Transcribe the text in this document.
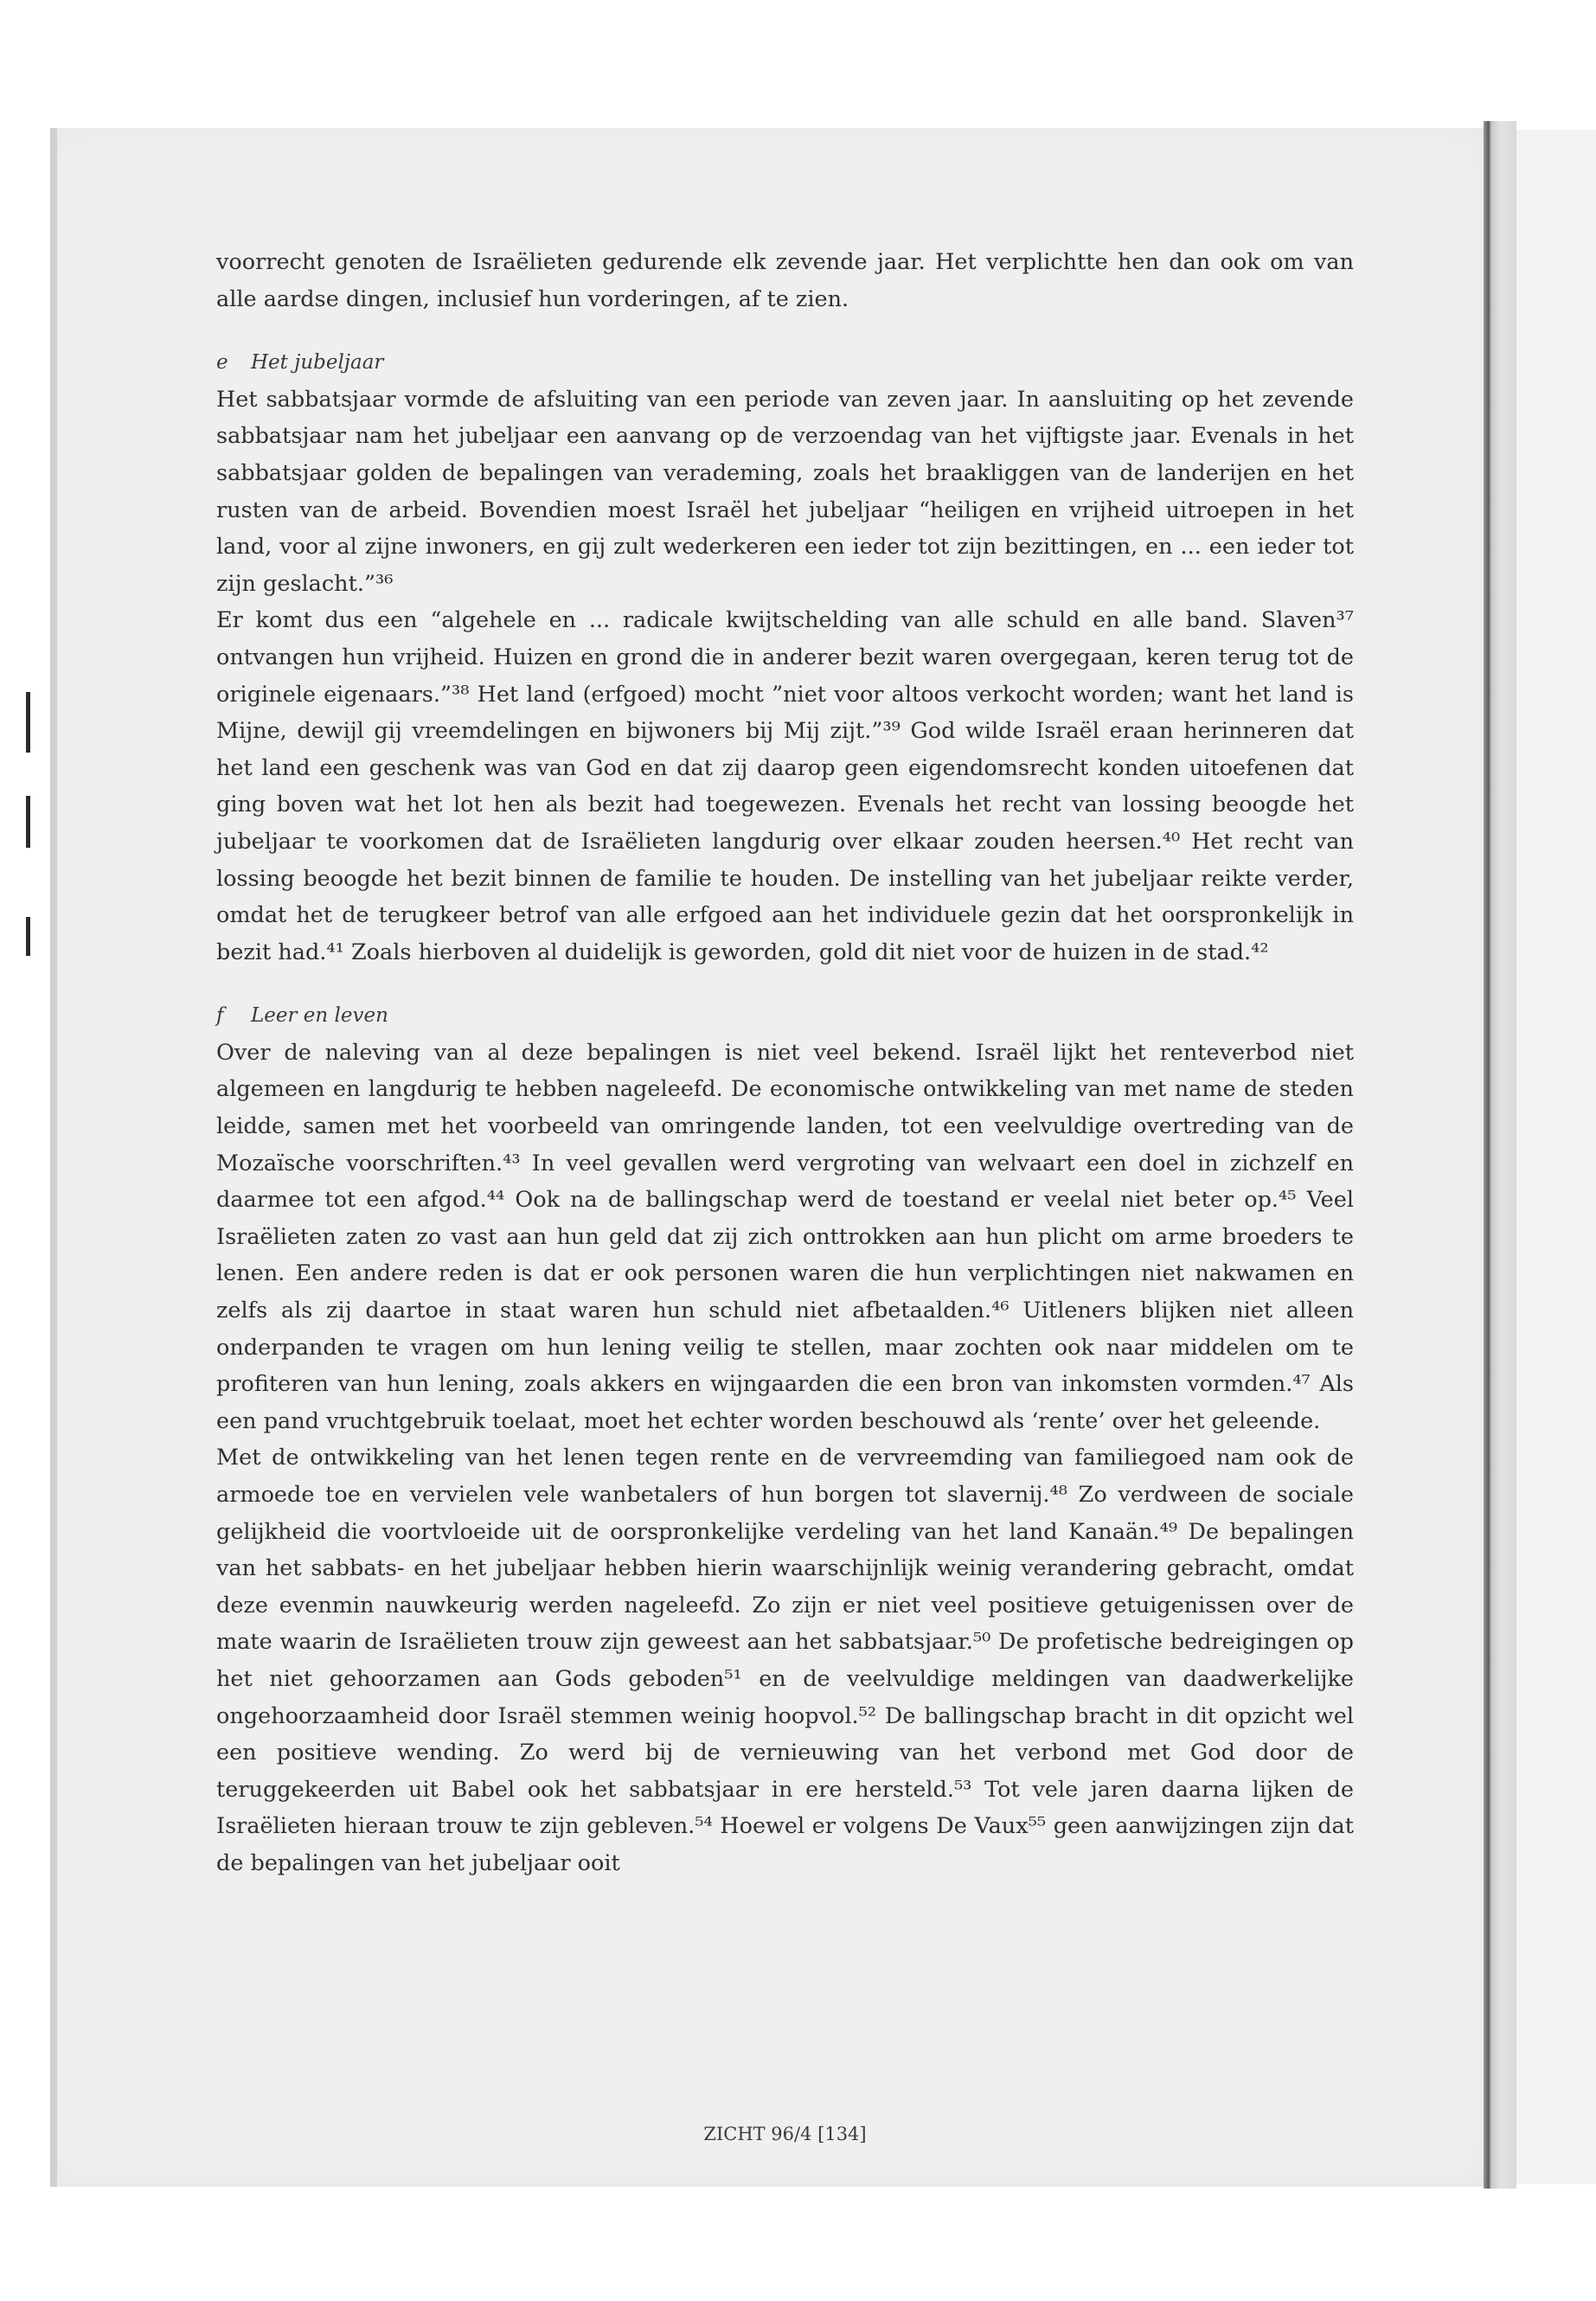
voorrecht genoten de Israëlieten gedurende elk zevende jaar. Het verplichtte hen dan ook om van alle aardse dingen, inclusief hun vorderingen, af te zien.

e Het jubeljaar

Het sabbatsjaar vormde de afsluiting van een periode van zeven jaar. In aansluiting op het zevende sabbatsjaar nam het jubeljaar een aanvang op de verzoendag van het vijftigste jaar. Evenals in het sabbatsjaar golden de bepalingen van verademing, zoals het braakliggen van de landerijen en het rusten van de arbeid. Bovendien moest Israël het jubeljaar “heiligen en vrijheid uitroepen in het land, voor al zijne inwoners, en gij zult wederkeren een ieder tot zijn bezittingen, en ... een ieder tot zijn geslacht.”³⁶

Er komt dus een “algehele en ... radicale kwijtschelding van alle schuld en alle band. Slaven³⁷ ontvangen hun vrijheid. Huizen en grond die in anderer bezit waren overgegaan, keren terug tot de originele eigenaars.”³⁸ Het land (erfgoed) mocht ”niet voor altoos verkocht worden; want het land is Mijne, dewijl gij vreemdelingen en bijwoners bij Mij zijt.”³⁹ God wilde Israël eraan herinneren dat het land een geschenk was van God en dat zij daarop geen eigendomsrecht konden uitoefenen dat ging boven wat het lot hen als bezit had toegewezen. Evenals het recht van lossing beoogde het jubeljaar te voorkomen dat de Israëlieten langdurig over elkaar zouden heersen.⁴⁰ Het recht van lossing beoogde het bezit binnen de familie te houden. De instelling van het jubeljaar reikte verder, omdat het de terugkeer betrof van alle erfgoed aan het individuele gezin dat het oorspronkelijk in bezit had.⁴¹ Zoals hierboven al duidelijk is geworden, gold dit niet voor de huizen in de stad.⁴²

f Leer en leven

Over de naleving van al deze bepalingen is niet veel bekend. Israël lijkt het renteverbod niet algemeen en langdurig te hebben nageleefd. De economische ontwikkeling van met name de steden leidde, samen met het voorbeeld van omringende landen, tot een veelvuldige overtreding van de Mozaïsche voorschriften.⁴³ In veel gevallen werd vergroting van welvaart een doel in zichzelf en daarmee tot een afgod.⁴⁴ Ook na de ballingschap werd de toestand er veelal niet beter op.⁴⁵ Veel Israëlieten zaten zo vast aan hun geld dat zij zich onttrokken aan hun plicht om arme broeders te lenen. Een andere reden is dat er ook personen waren die hun verplichtingen niet nakwamen en zelfs als zij daartoe in staat waren hun schuld niet afbetaalden.⁴⁶ Uitleners blijken niet alleen onderpanden te vragen om hun lening veilig te stellen, maar zochten ook naar middelen om te profiteren van hun lening, zoals akkers en wijngaarden die een bron van inkomsten vormden.⁴⁷ Als een pand vruchtgebruik toelaat, moet het echter worden beschouwd als ‘rente’ over het geleende.

Met de ontwikkeling van het lenen tegen rente en de vervreemding van familiegoed nam ook de armoede toe en vervielen vele wanbetalers of hun borgen tot slavernij.⁴⁸ Zo verdween de sociale gelijkheid die voortvloeide uit de oorspronkelijke verdeling van het land Kanaän.⁴⁹ De bepalingen van het sabbats- en het jubeljaar hebben hierin waarschijnlijk weinig verandering gebracht, omdat deze evenmin nauwkeurig werden nageleefd. Zo zijn er niet veel positieve getuigenissen over de mate waarin de Israëlieten trouw zijn geweest aan het sabbatsjaar.⁵⁰ De profetische bedreigingen op het niet gehoorzamen aan Gods geboden⁵¹ en de veelvuldige meldingen van daadwerkelijke ongehoorzaamheid door Israël stemmen weinig hoopvol.⁵² De ballingschap bracht in dit opzicht wel een positieve wending. Zo werd bij de vernieuwing van het verbond met God door de teruggekeerden uit Babel ook het sabbatsjaar in ere hersteld.⁵³ Tot vele jaren daarna lijken de Israëlieten hieraan trouw te zijn gebleven.⁵⁴ Hoewel er volgens De Vaux⁵⁵ geen aanwijzingen zijn dat de bepalingen van het jubeljaar ooit

ZICHT 96/4 [134]
